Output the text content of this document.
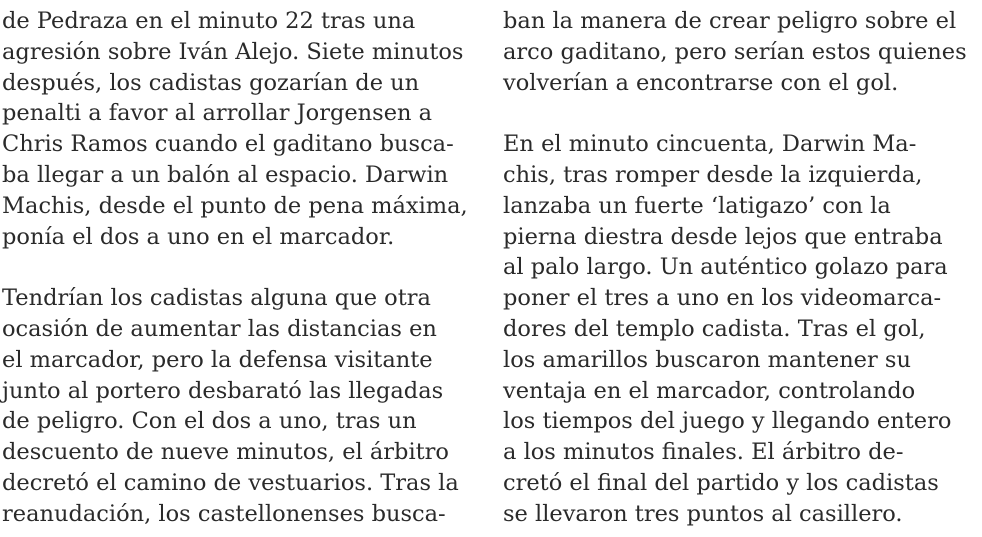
de Pedraza en el minuto 22 tras una
agresión sobre Iván Alejo. Siete minutos
después, los cadistas gozarían de un
penalti a favor al arrollar Jorgensen a
Chris Ramos cuando el gaditano busca-
ba llegar a un balón al espacio. Darwin
Machis, desde el punto de pena máxima,
ponía el dos a uno en el marcador.

Tendrían los cadistas alguna que otra
ocasión de aumentar las distancias en
el marcador, pero la defensa visitante
junto al portero desbarató las llegadas
de peligro. Con el dos a uno, tras un
descuento de nueve minutos, el árbitro
decretó el camino de vestuarios. Tras la
reanudación, los castellonenses busca-

ban la manera de crear peligro sobre el
arco gaditano, pero serían estos quienes
volverían a encontrarse con el gol.

En el minuto cincuenta, Darwin Ma-
chis, tras romper desde la izquierda,
lanzaba un fuerte ‘latigazo’ con la
pierna diestra desde lejos que entraba
al palo largo. Un auténtico golazo para
poner el tres a uno en los videomarca-
dores del templo cadista. Tras el gol,
los amarillos buscaron mantener su
ventaja en el marcador, controlando
los tiempos del juego y llegando entero
a los minutos finales. El árbitro de-
cretó el final del partido y los cadistas
se llevaron tres puntos al casillero.
